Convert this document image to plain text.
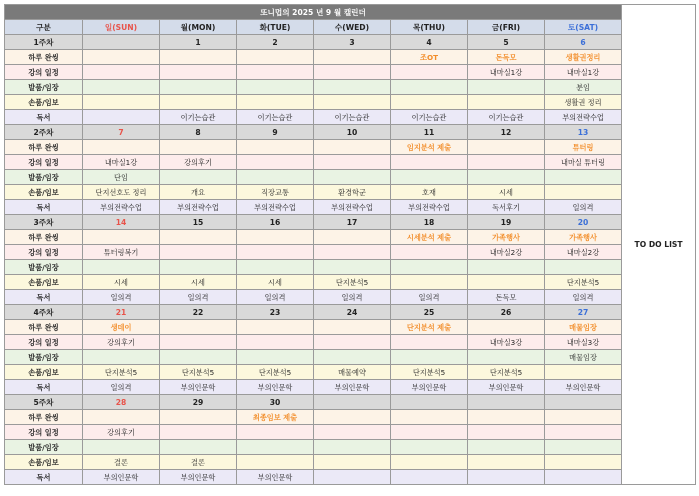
또니멉의 2025 년 9 월 캘린더								TO DO LIST
구분	일(SUN)	월(MON)	화(TUE)	수(WED)	목(THU)	금(FRI)	토(SAT)	
1주차		1	2	3	4	5	6	
하루 완씽					조OT	돈독모	생활권정리	
강의 일정						내마실1강	내마실1강	
발품/임장							분임	
손품/임보							생활권 정리	
독서		이기는습관	이기는습관	이기는습관	이기는습관	이기는습관	부의전략수업	
2주차	7	8	9	10	11	12	13	
하루 완씽					임지분석 제출		튜터링	
강의 일정	내마실1강	강의후기					내마실 튜터링	
발품/임장	단임							
손품/임보	단지선호도 정리	개요	직장교통	환경학군	호재	시세		
독서	부의전략수업	부의전략수업	부의전략수업	부의전략수업	부의전략수업	독서후기	일의격	
3주차	14	15	16	17	18	19	20	
하루 완씽					시세분석 제출	가족행사	가족행사	
강의 일정	튜터링복기					내마실2강	내마실2강	
발품/임장								
손품/임보	시세	시세	시세	단지분석5			단지분석5	
독서	일의격	일의격	일의격	일의격	일의격	돈독모	일의격	
4주차	21	22	23	24	25	26	27	
하루 완씽	생데이				단지분석 제출		매물임장	
강의 일정	강의후기					내마실3강	내마실3강	
발품/임장							매물임장	
손품/임보	단지분석5	단지분석5	단지분석5	매물예약	단지분석5	단지분석5		
독서	일의격	부의인문학	부의인문학	부의인문학	부의인문학	부의인문학	부의인문학	
5주차	28	29	30					
하루 완씽			최종임보 제출					
강의 일정	강의후기							
발품/임장								
손품/임보	결론	결론						
독서	부의인문학	부의인문학	부의인문학					
